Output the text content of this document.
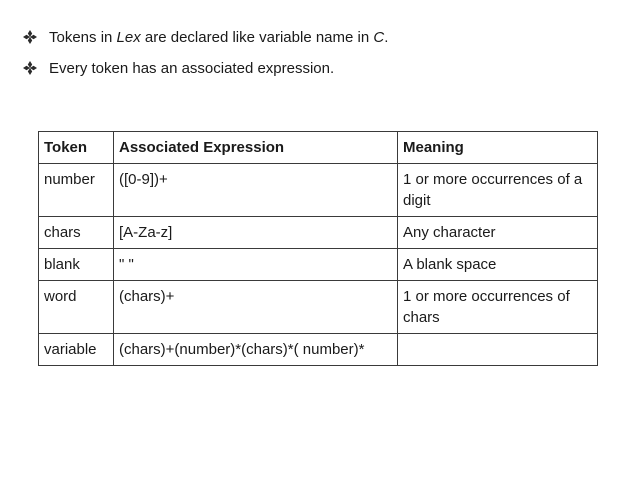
Tokens in Lex are declared like variable name in C.
Every token has an associated expression.
Token	Associated Expression	Meaning
number	([0-9])+	1 or more occurrences of a digit
chars	[A-Za-z]	Any character
blank	" "	A blank space
word	(chars)+	1 or more occurrences of chars
variable	(chars)+(number)*(chars)*( number)*	
